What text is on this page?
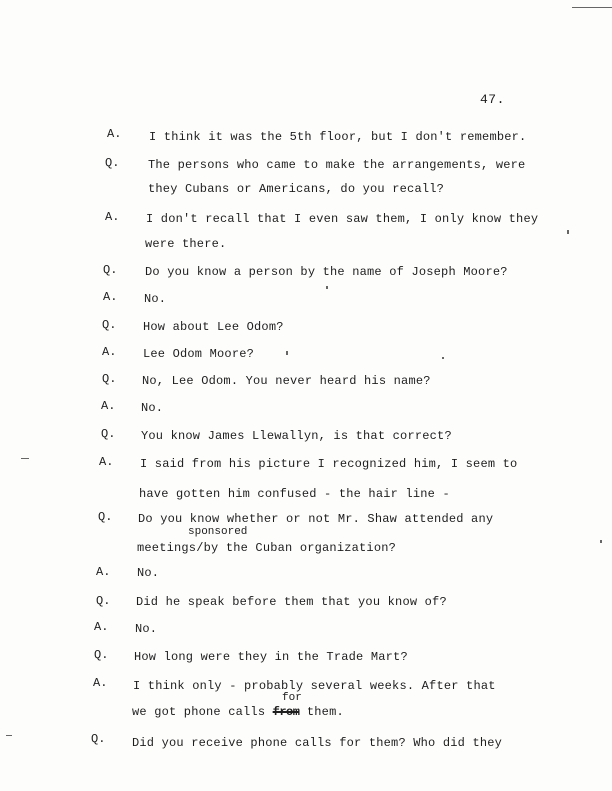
47.
A.
Q.
A.
Q.
A.
Q.
A.
Q.
A.
Q.
A.
Q.
A.
Q.
A.
Q.
A.
Q.
I think it was the 5th floor, but I don't remember.
The persons who came to make the arrangements, were
they Cubans or Americans, do you recall?
I don't recall that I even saw them, I only know they
were there.
Do you know a person by the name of Joseph Moore?
No.
How about Lee Odom?
Lee Odom Moore?
No, Lee Odom. You never heard his name?
No.
You know James Llewallyn, is that correct?
I said from his picture I recognized him, I seem to
have gotten him confused - the hair line -
Do you know whether or not Mr. Shaw attended any
sponsored
meetings/by the Cuban organization?
No.
Did he speak before them that you know of?
No.
How long were they in the Trade Mart?
I think only - probably several weeks. After that
for
we got phone calls from them.
Did you receive phone calls for them? Who did they
